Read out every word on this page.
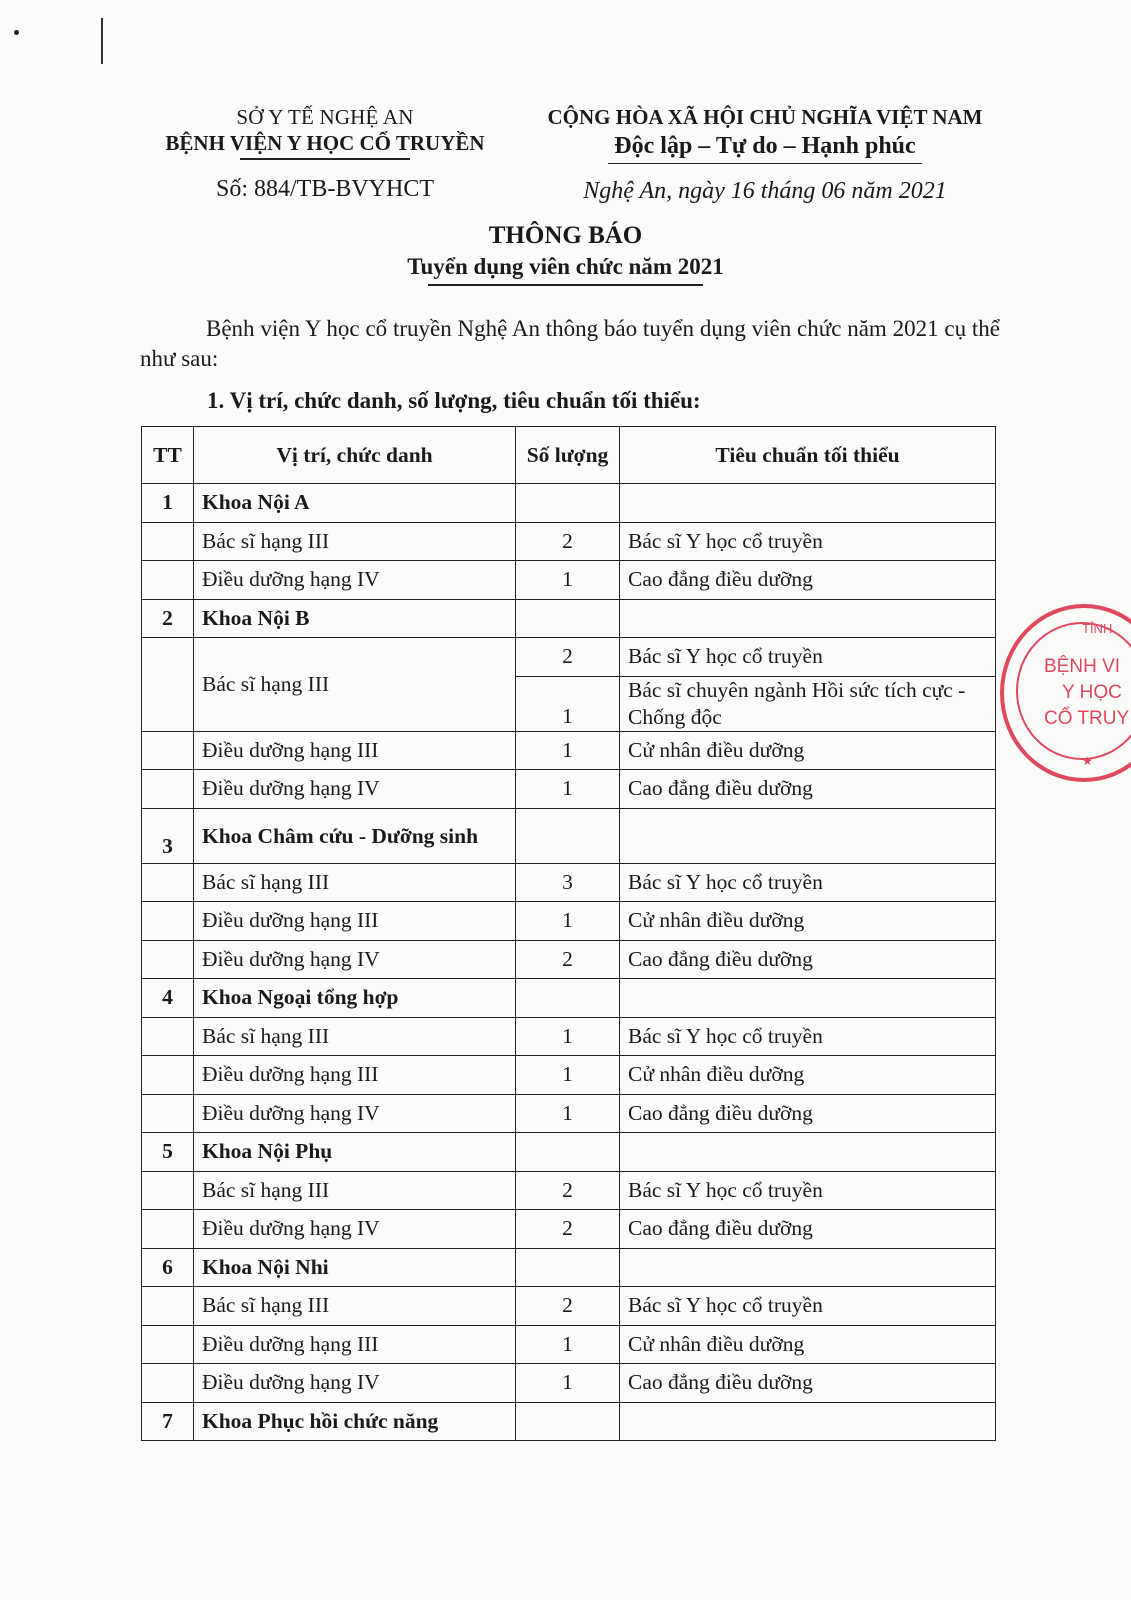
SỞ Y TẾ NGHỆ AN
BỆNH VIỆN Y HỌC CỔ TRUYỀN
Số: 884/TB-BVYHCT
CỘNG HÒA XÃ HỘI CHỦ NGHĨA VIỆT NAM
Độc lập – Tự do – Hạnh phúc
Nghệ An, ngày 16 tháng 06 năm 2021
THÔNG BÁO
Tuyển dụng viên chức năm 2021
Bệnh viện Y học cổ truyền Nghệ An thông báo tuyển dụng viên chức năm 2021 cụ thể như sau:
1. Vị trí, chức danh, số lượng, tiêu chuẩn tối thiểu:
TT	Vị trí, chức danh	Số lượng	Tiêu chuẩn tối thiểu
1	Khoa Nội A		
	Bác sĩ hạng III	2	Bác sĩ Y học cổ truyền
	Điều dưỡng hạng IV	1	Cao đẳng điều dưỡng
2	Khoa Nội B		
	Bác sĩ hạng III	2	Bác sĩ Y học cổ truyền
		1	Bác sĩ chuyên ngành Hồi sức tích cực - Chống độc
	Điều dưỡng hạng III	1	Cử nhân điều dưỡng
	Điều dưỡng hạng IV	1	Cao đẳng điều dưỡng
3	Khoa Châm cứu - Dưỡng sinh		
	Bác sĩ hạng III	3	Bác sĩ Y học cổ truyền
	Điều dưỡng hạng III	1	Cử nhân điều dưỡng
	Điều dưỡng hạng IV	2	Cao đẳng điều dưỡng
4	Khoa Ngoại tổng hợp		
	Bác sĩ hạng III	1	Bác sĩ Y học cổ truyền
	Điều dưỡng hạng III	1	Cử nhân điều dưỡng
	Điều dưỡng hạng IV	1	Cao đẳng điều dưỡng
5	Khoa Nội Phụ		
	Bác sĩ hạng III	2	Bác sĩ Y học cổ truyền
	Điều dưỡng hạng IV	2	Cao đẳng điều dưỡng
6	Khoa Nội Nhi		
	Bác sĩ hạng III	2	Bác sĩ Y học cổ truyền
	Điều dưỡng hạng III	1	Cử nhân điều dưỡng
	Điều dưỡng hạng IV	1	Cao đẳng điều dưỡng
7	Khoa Phục hồi chức năng		
TỈNH
BỆNH VI
Y HỌC
CỔ TRUY
★
